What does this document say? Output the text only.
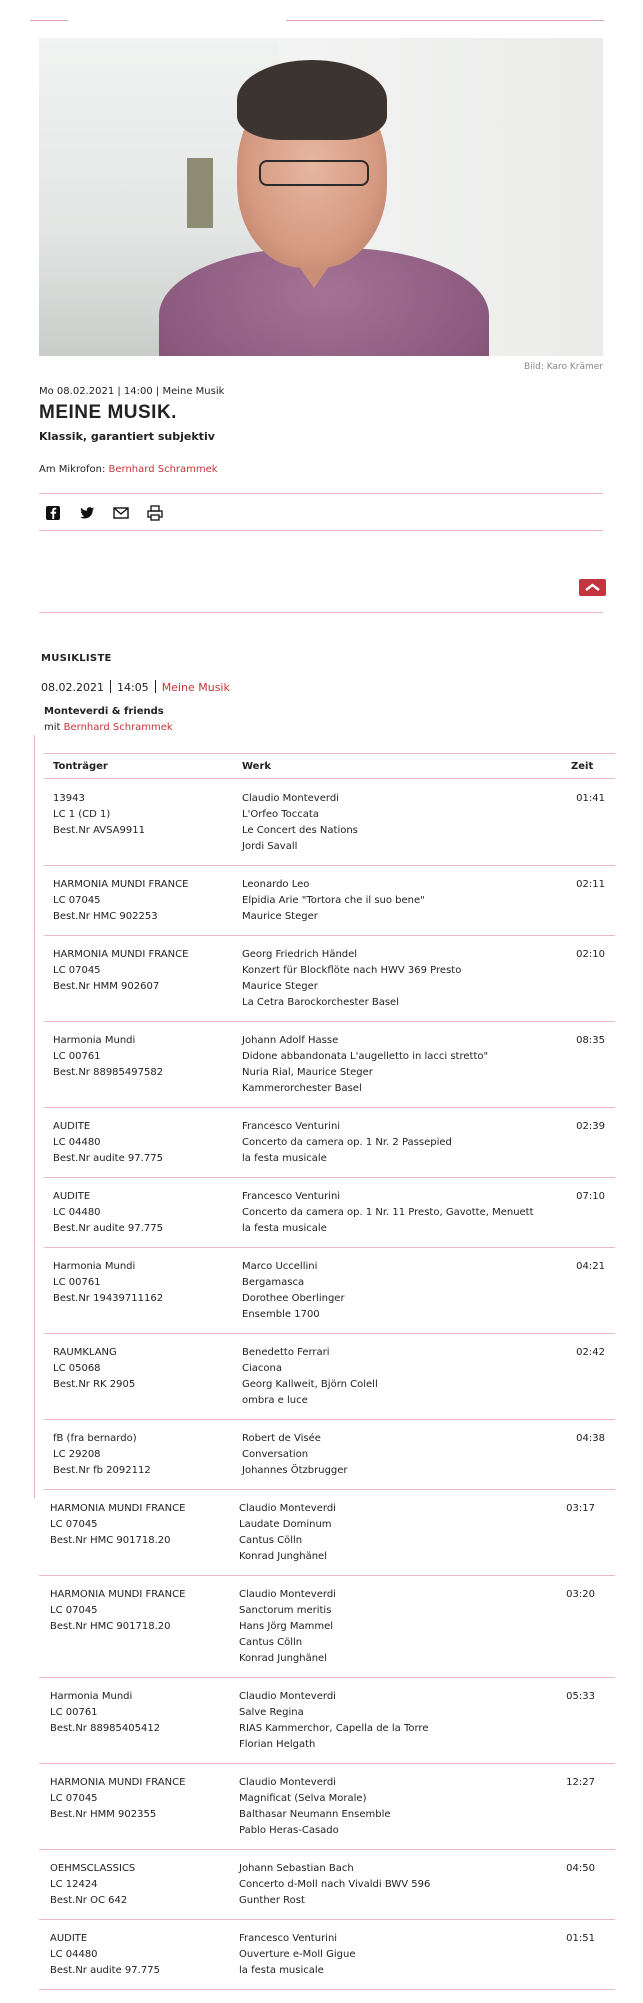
Bild: Karo Krämer
Mo 08.02.2021 | 14:00 | Meine Musik
MEINE MUSIK.
Klassik, garantiert subjektiv
Am Mikrofon: Bernhard Schrammek
MUSIKLISTE
08.02.2021 14:05 Meine Musik
Monteverdi & friends
mit Bernhard Schrammek
Tonträger	Werk	Zeit
13943
LC 1 (CD 1)
Best.Nr AVSA9911
Claudio Monteverdi
L'Orfeo Toccata
Le Concert des Nations
Jordi Savall
01:41
HARMONIA MUNDI FRANCE
LC 07045
Best.Nr HMC 902253
Leonardo Leo
Elpidia Arie "Tortora che il suo bene"
Maurice Steger
02:11
HARMONIA MUNDI FRANCE
LC 07045
Best.Nr HMM 902607
Georg Friedrich Händel
Konzert für Blockflöte nach HWV 369 Presto
Maurice Steger
La Cetra Barockorchester Basel
02:10
Harmonia Mundi
LC 00761
Best.Nr 88985497582
Johann Adolf Hasse
Didone abbandonata L'augelletto in lacci stretto"
Nuria Rial, Maurice Steger
Kammerorchester Basel
08:35
AUDITE
LC 04480
Best.Nr audite 97.775
Francesco Venturini
Concerto da camera op. 1 Nr. 2 Passepied
la festa musicale
02:39
AUDITE
LC 04480
Best.Nr audite 97.775
Francesco Venturini
Concerto da camera op. 1 Nr. 11 Presto, Gavotte, Menuett
la festa musicale
07:10
Harmonia Mundi
LC 00761
Best.Nr 19439711162
Marco Uccellini
Bergamasca
Dorothee Oberlinger
Ensemble 1700
04:21
RAUMKLANG
LC 05068
Best.Nr RK 2905
Benedetto Ferrari
Ciacona
Georg Kallweit, Björn Colell
ombra e luce
02:42
fB (fra bernardo)
LC 29208
Best.Nr fb 2092112
Robert de Visée
Conversation
Johannes Ötzbrugger
04:38
HARMONIA MUNDI FRANCE
LC 07045
Best.Nr HMC 901718.20
Claudio Monteverdi
Laudate Dominum
Cantus Cölln
Konrad Junghänel
03:17
HARMONIA MUNDI FRANCE
LC 07045
Best.Nr HMC 901718.20
Claudio Monteverdi
Sanctorum meritis
Hans Jörg Mammel
Cantus Cölln
Konrad Junghänel
03:20
Harmonia Mundi
LC 00761
Best.Nr 88985405412
Claudio Monteverdi
Salve Regina
RIAS Kammerchor, Capella de la Torre
Florian Helgath
05:33
HARMONIA MUNDI FRANCE
LC 07045
Best.Nr HMM 902355
Claudio Monteverdi
Magnificat (Selva Morale)
Balthasar Neumann Ensemble
Pablo Heras-Casado
12:27
OEHMSCLASSICS
LC 12424
Best.Nr OC 642
Johann Sebastian Bach
Concerto d-Moll nach Vivaldi BWV 596
Gunther Rost
04:50
AUDITE
LC 04480
Best.Nr audite 97.775
Francesco Venturini
Ouverture e-Moll Gigue
la festa musicale
01:51
